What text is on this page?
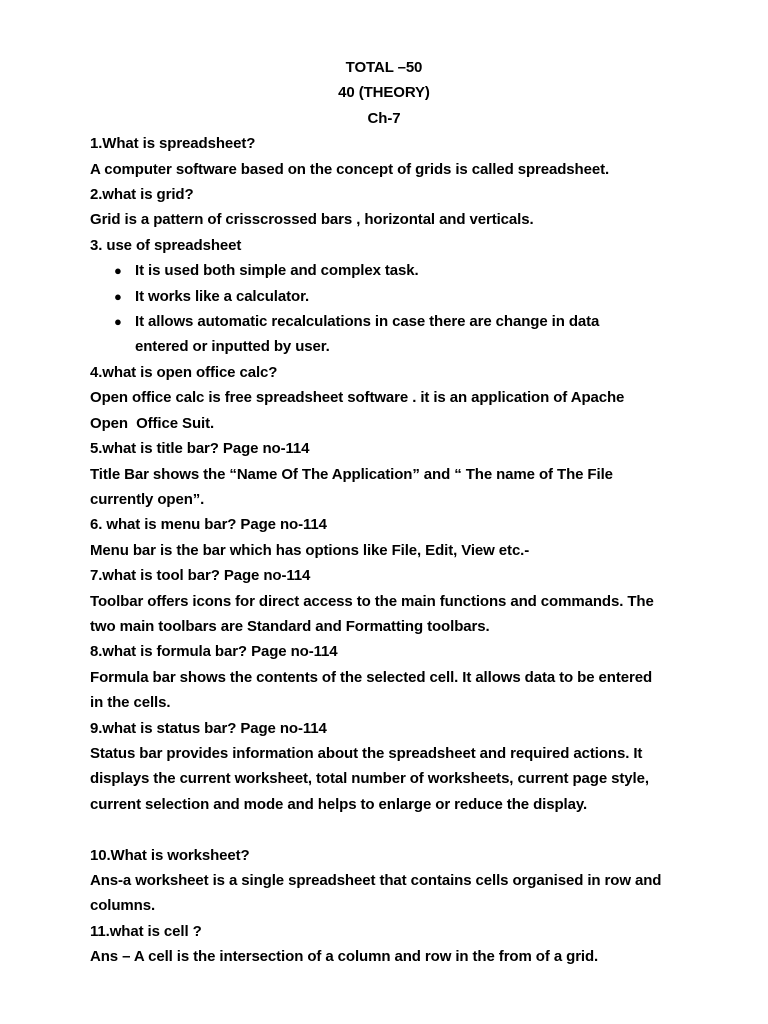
TOTAL –50
40 (THEORY)
Ch-7
1.What is spreadsheet?
A computer software based on the concept of grids is called spreadsheet.
2.what is grid?
Grid is a pattern of crisscrossed bars , horizontal and verticals.
3. use of spreadsheet
● It is used both simple and complex task.
● It works like a calculator.
● It allows automatic recalculations in case there are change in data
entered or inputted by user.
4.what is open office calc?
Open office calc is free spreadsheet software . it is an application of Apache
Open  Office Suit.
5.what is title bar? Page no-114
Title Bar shows the “Name Of The Application” and “ The name of The File
currently open”.
6. what is menu bar? Page no-114
Menu bar is the bar which has options like File, Edit, View etc.-
7.what is tool bar? Page no-114
Toolbar offers icons for direct access to the main functions and commands. The
two main toolbars are Standard and Formatting toolbars.
8.what is formula bar? Page no-114
Formula bar shows the contents of the selected cell. It allows data to be entered
in the cells.
9.what is status bar? Page no-114
Status bar provides information about the spreadsheet and required actions. It
displays the current worksheet, total number of worksheets, current page style,
current selection and mode and helps to enlarge or reduce the display.
10.What is worksheet?
Ans-a worksheet is a single spreadsheet that contains cells organised in row and
columns.
11.what is cell ?
Ans – A cell is the intersection of a column and row in the from of a grid.
